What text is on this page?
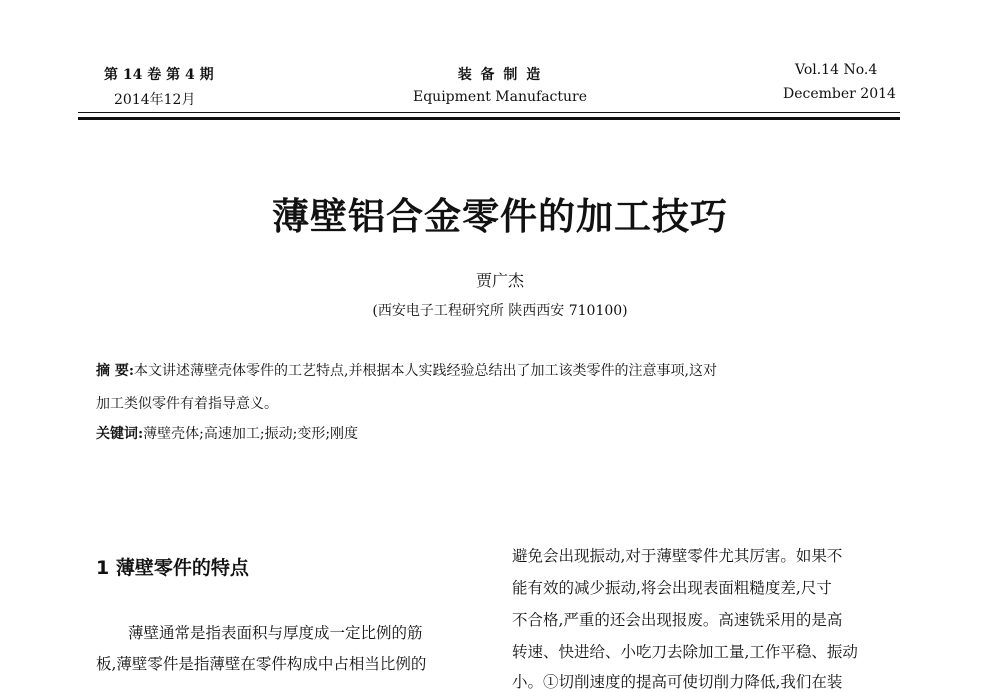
第 14 卷 第 4 期
2014年12月
装 备 制 造
Equipment Manufacture
Vol.14 No.4
December 2014
薄壁铝合金零件的加工技巧
贾广杰
(西安电子工程研究所 陕西西安 710100)
摘 要:本文讲述薄壁壳体零件的工艺特点,并根据本人实践经验总结出了加工该类零件的注意事项,这对
加工类似零件有着指导意义。
关键词:薄壁壳体;高速加工;振动;变形;刚度
1 薄壁零件的特点
薄壁通常是指表面积与厚度成一定比例的筋
板,薄壁零件是指薄壁在零件构成中占相当比例的
避免会出现振动,对于薄壁零件尤其厉害。如果不
能有效的减少振动,将会出现表面粗糙度差,尺寸
不合格,严重的还会出现报废。高速铣采用的是高
转速、快进给、小吃刀去除加工量,工作平稳、振动
小。①切削速度的提高可使切削力降低,我们在装
